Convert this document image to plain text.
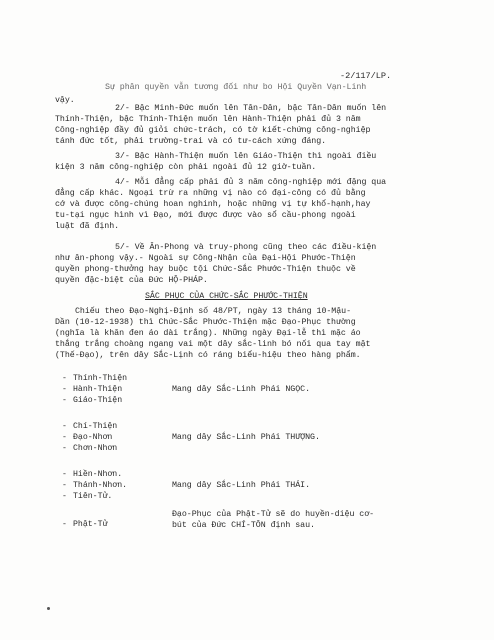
-2/117/LP.
Sự phân quyền vẫn tương đối như bo Hội Quyền Vạn-Linh
vậy.
2/- Bậc Minh-Đức muốn lên Tân-Dân, bậc Tân-Dân muốn lên
Thính-Thiện, bậc Thính-Thiện muốn lên Hành-Thiện phải đủ 3 năm
Công-nghiệp đầy đủ giỏi chức-trách, có tờ kiết-chứng công-nghiệp
tánh đức tốt, phải trường-trai và có tư-cách xứng đáng.
3/- Bậc Hành-Thiện muốn lên Giáo-Thiện thì ngoài điều
kiện 3 năm công-nghiệp còn phải ngoài đủ 12 giờ-tuần.
4/- Mỗi đẳng cấp phải đủ 3 năm công-nghiệp mới đặng qua
đẳng cấp khác. Ngoại trừ ra những vị nào có đại-công có đủ bằng
cớ và được công-chúng hoan nghinh, hoặc những vị tự khổ-hạnh,hay
tu-tại ngục hình vì Đạo, mới được được vào sổ cầu-phong ngoài
luật đã định.
5/- Về Ân-Phong và truy-phong cũng theo các điều-kiện
như ân-phong vậy.- Ngoài sự Công-Nhận của Đại-Hội Phước-Thiện
quyền phong-thưởng hay buộc tội Chức-Sắc Phước-Thiện thuộc về
quyền đặc-biệt của Đức HỘ-PHÁP.
SẮC PHỤC CỦA CHỨC-SẮC PHƯỚC-THIỆN
Chiếu theo Đạo-Nghị-Định số 48/PT, ngày 13 tháng 10-Mậu-
Dần (10-12-1938) thì Chức-Sắc Phước-Thiện mặc Đạo-Phục thường
(nghĩa là khăn đen áo dài trắng). Những ngày Đại-lễ thì mặc áo
thắng trắng choàng ngang vai một dây sắc-linh bó nối qua tay mặt
(Thế-Đạo), trên dây Sắc-Lịnh có ráng biểu-hiệu theo hàng phẩm.
- Thính-Thiện
- Hành-Thiện
- Giáo-Thiện
Mang dây Sắc-Linh Phái NGỌC.
- Chí-Thiện
- Đạo-Nhơn
- Chơn-Nhơn
Mang dây Sắc-Linh Phái THƯỢNG.
- Hiền-Nhơn.
- Thánh-Nhơn.
- Tiên-Tử.
Mang dây Sắc-Linh Phái THÁI.
- Phật-Tử
Đạo-Phục của Phật-Tử sẽ do huyền-diệu cơ-
bút của Đức CHÍ-TÔN định sau.
